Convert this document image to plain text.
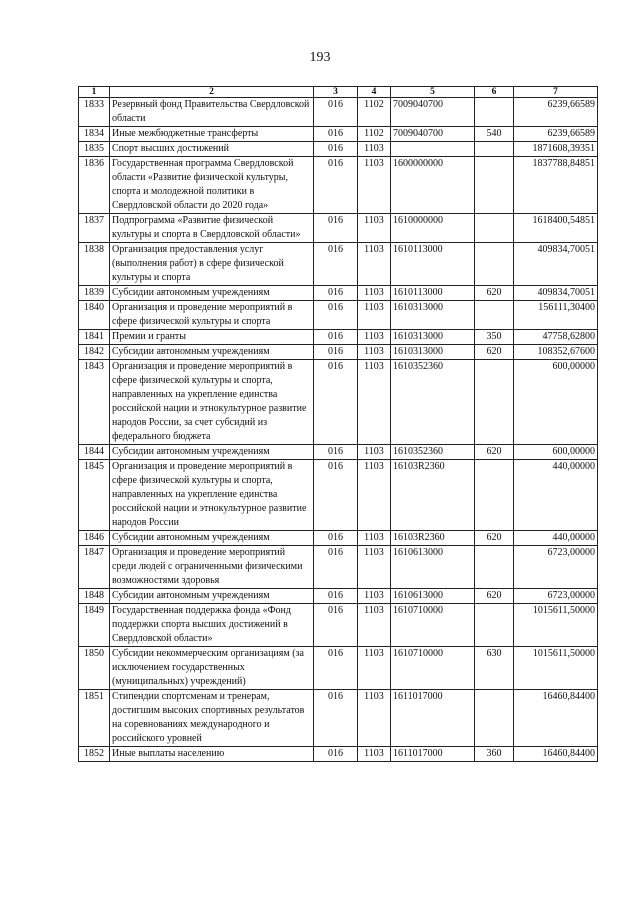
193
1	2	3	4	5	6	7
1833	Резервный фонд Правительства Свердловской области	016	1102	7009040700		6239,66589
1834	Иные межбюджетные трансферты	016	1102	7009040700	540	6239,66589
1835	Спорт высших достижений	016	1103			1871608,39351
1836	Государственная программа Свердловской области «Развитие физической культуры, спорта и молодежной политики в Свердловской области до 2020 года»	016	1103	1600000000		1837788,84851
1837	Подпрограмма «Развитие физической культуры и спорта в Свердловской области»	016	1103	1610000000		1618400,54851
1838	Организация предоставления услуг (выполнения работ) в сфере физической культуры и спорта	016	1103	1610113000		409834,70051
1839	Субсидии автономным учреждениям	016	1103	1610113000	620	409834,70051
1840	Организация и проведение мероприятий в сфере физической культуры и спорта	016	1103	1610313000		156111,30400
1841	Премии и гранты	016	1103	1610313000	350	47758,62800
1842	Субсидии автономным учреждениям	016	1103	1610313000	620	108352,67600
1843	Организация и проведение мероприятий в сфере физической культуры и спорта, направленных на укрепление единства российской нации и этнокультурное развитие народов России, за счет субсидий из федерального бюджета	016	1103	1610352360		600,00000
1844	Субсидии автономным учреждениям	016	1103	1610352360	620	600,00000
1845	Организация и проведение мероприятий в сфере физической культуры и спорта, направленных на укрепление единства российской нации и этнокультурное развитие народов России	016	1103	16103R2360		440,00000
1846	Субсидии автономным учреждениям	016	1103	16103R2360	620	440,00000
1847	Организация и проведение мероприятий среди людей с ограниченными физическими возможностями здоровья	016	1103	1610613000		6723,00000
1848	Субсидии автономным учреждениям	016	1103	1610613000	620	6723,00000
1849	Государственная поддержка фонда «Фонд поддержки спорта высших достижений в Свердловской области»	016	1103	1610710000		1015611,50000
1850	Субсидии некоммерческим организациям (за исключением государственных (муниципальных) учреждений)	016	1103	1610710000	630	1015611,50000
1851	Стипендии спортсменам и тренерам, достигшим высоких спортивных результатов на соревнованиях международного и российского уровней	016	1103	1611017000		16460,84400
1852	Иные выплаты населению	016	1103	1611017000	360	16460,84400
